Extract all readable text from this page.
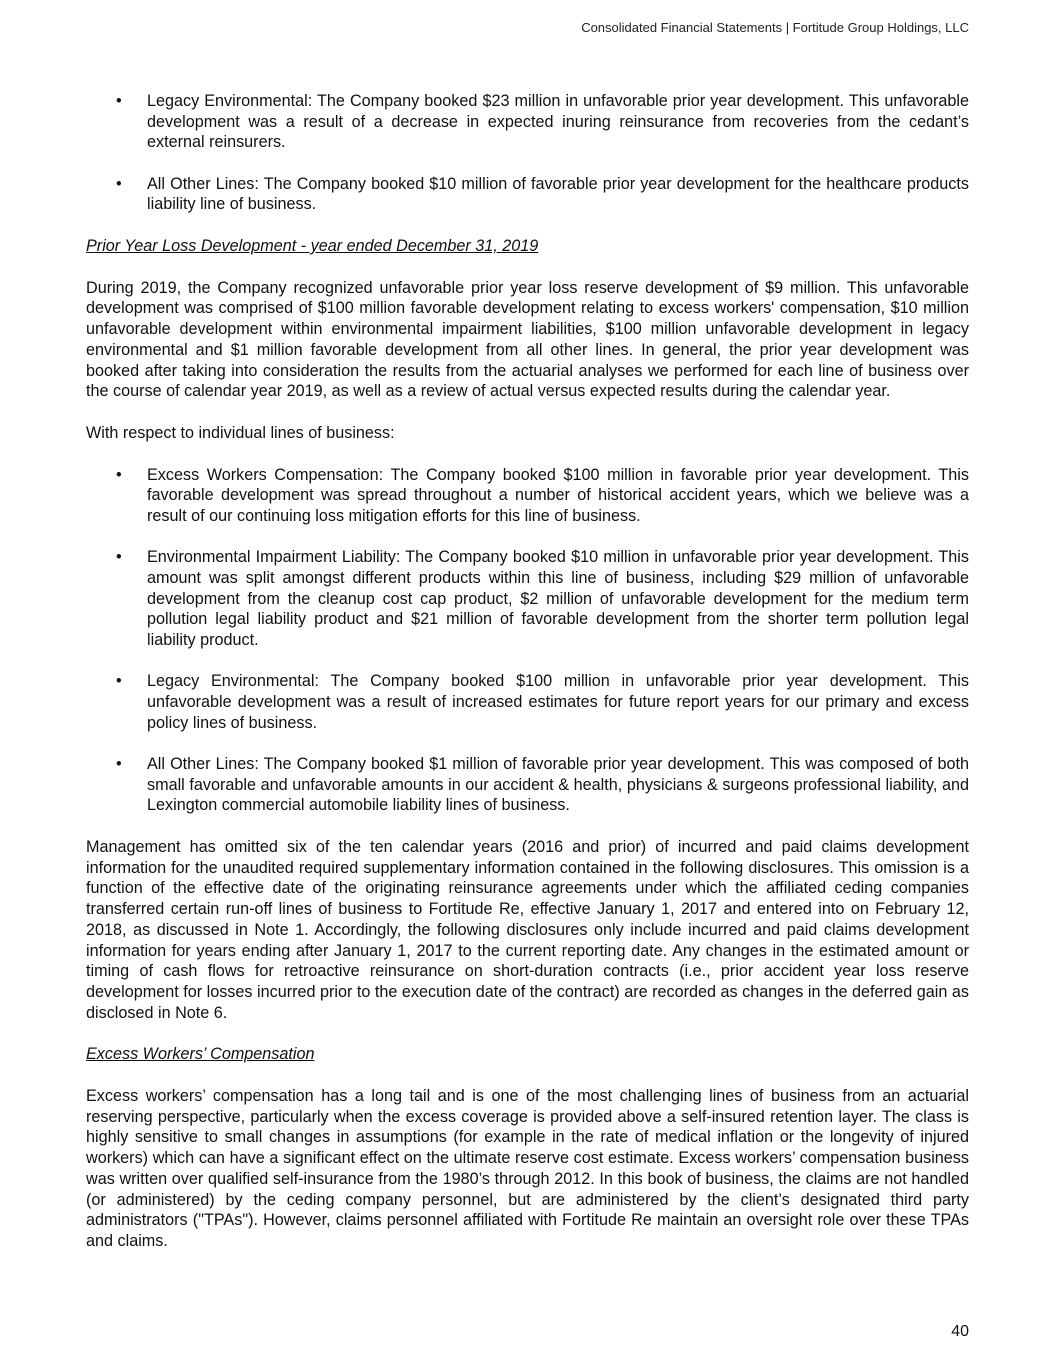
Consolidated Financial Statements | Fortitude Group Holdings, LLC
• Legacy Environmental: The Company booked $23 million in unfavorable prior year development. This unfavorable development was a result of a decrease in expected inuring reinsurance from recoveries from the cedant’s external reinsurers.
• All Other Lines: The Company booked $10 million of favorable prior year development for the healthcare products liability line of business.
Prior Year Loss Development - year ended December 31, 2019

During 2019, the Company recognized unfavorable prior year loss reserve development of $9 million. This unfavorable development was comprised of $100 million favorable development relating to excess workers' compensation, $10 million unfavorable development within environmental impairment liabilities, $100 million unfavorable development in legacy environmental and $1 million favorable development from all other lines. In general, the prior year development was booked after taking into consideration the results from the actuarial analyses we performed for each line of business over the course of calendar year 2019, as well as a review of actual versus expected results during the calendar year.

With respect to individual lines of business:

• Excess Workers Compensation: The Company booked $100 million in favorable prior year development. This favorable development was spread throughout a number of historical accident years, which we believe was a result of our continuing loss mitigation efforts for this line of business.
• Environmental Impairment Liability: The Company booked $10 million in unfavorable prior year development. This amount was split amongst different products within this line of business, including $29 million of unfavorable development from the cleanup cost cap product, $2 million of unfavorable development for the medium term pollution legal liability product and $21 million of favorable development from the shorter term pollution legal liability product.
• Legacy Environmental: The Company booked $100 million in unfavorable prior year development. This unfavorable development was a result of increased estimates for future report years for our primary and excess policy lines of business.
• All Other Lines: The Company booked $1 million of favorable prior year development. This was composed of both small favorable and unfavorable amounts in our accident & health, physicians & surgeons professional liability, and Lexington commercial automobile liability lines of business.

Management has omitted six of the ten calendar years (2016 and prior) of incurred and paid claims development information for the unaudited required supplementary information contained in the following disclosures. This omission is a function of the effective date of the originating reinsurance agreements under which the affiliated ceding companies transferred certain run-off lines of business to Fortitude Re, effective January 1, 2017 and entered into on February 12, 2018, as discussed in Note 1. Accordingly, the following disclosures only include incurred and paid claims development information for years ending after January 1, 2017 to the current reporting date. Any changes in the estimated amount or timing of cash flows for retroactive reinsurance on short-duration contracts (i.e., prior accident year loss reserve development for losses incurred prior to the execution date of the contract) are recorded as changes in the deferred gain as disclosed in Note 6.

Excess Workers’ Compensation

Excess workers’ compensation has a long tail and is one of the most challenging lines of business from an actuarial reserving perspective, particularly when the excess coverage is provided above a self-insured retention layer. The class is highly sensitive to small changes in assumptions (for example in the rate of medical inflation or the longevity of injured workers) which can have a significant effect on the ultimate reserve cost estimate. Excess workers’ compensation business was written over qualified self-insurance from the 1980’s through 2012. In this book of business, the claims are not handled (or administered) by the ceding company personnel, but are administered by the client’s designated third party administrators ("TPAs"). However, claims personnel affiliated with Fortitude Re maintain an oversight role over these TPAs and claims.

40
